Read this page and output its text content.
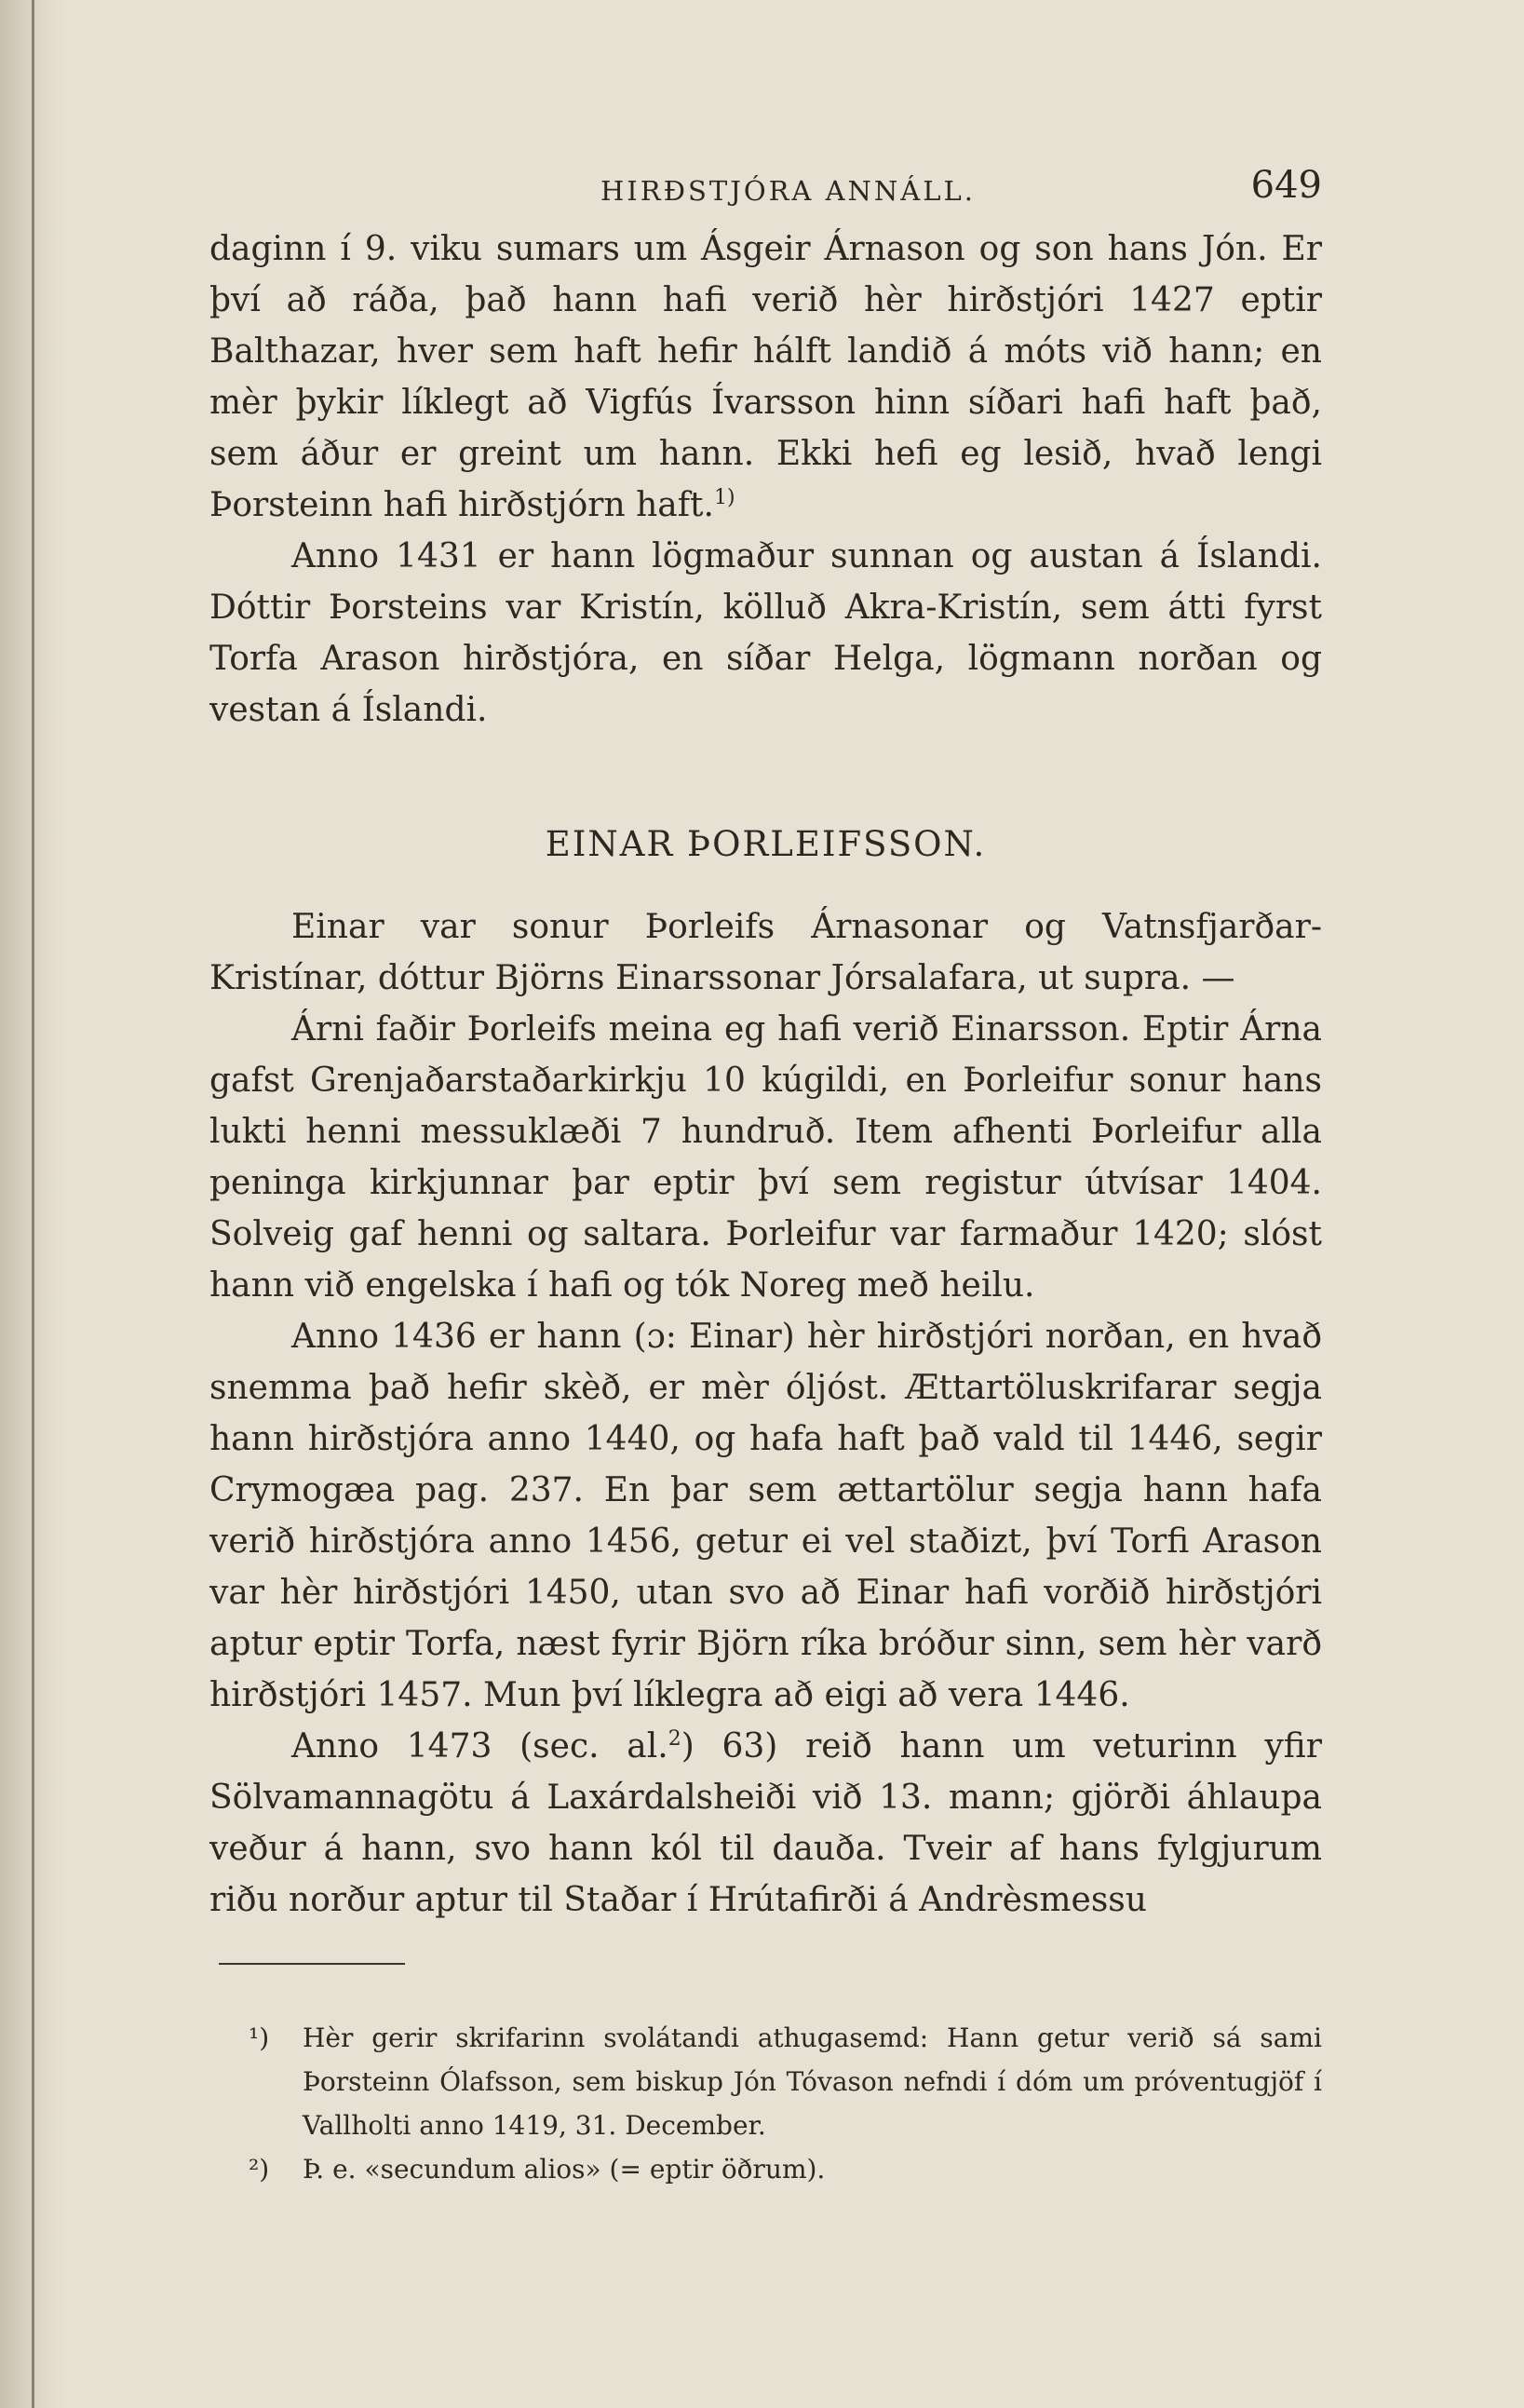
HIRÐSTJÓRA ANNÁLL.	649

daginn í 9. viku sumars um Ásgeir Árnason og son hans Jón. Er því að ráða, það hann hafi verið hèr hirðstjóri 1427 eptir Balthazar, hver sem haft hefir hálft landið á móts við hann; en mèr þykir líklegt að Vigfús Ívarsson hinn síðari hafi haft það, sem áður er greint um hann. Ekki hefi eg lesið, hvað lengi Þorsteinn hafi hirðstjórn haft.$^{1)}$

Anno 1431 er hann lögmaður sunnan og austan á Íslandi. Dóttir Þorsteins var Kristín, kölluð Akra-Kristín, sem átti fyrst Torfa Arason hirðstjóra, en síðar Helga, lögmann norðan og vestan á Íslandi.

EINAR ÞORLEIFSSON.

Einar var sonur Þorleifs Árnasonar og Vatnsfjarðar-Kristínar, dóttur Björns Einarssonar Jórsalafara, ut supra. —

Árni faðir Þorleifs meina eg hafi verið Einarsson. Eptir Árna gafst Grenjaðarstaðarkirkju 10 kúgildi, en Þorleifur sonur hans lukti henni messuklæði 7 hundruð. Item afhenti Þorleifur alla peninga kirkjunnar þar eptir því sem registur útvísar 1404. Solveig gaf henni og saltara. Þorleifur var farmaður 1420; slóst hann við engelska í hafi og tók Noreg með heilu.

Anno 1436 er hann (ɔ: Einar) hèr hirðstjóri norðan, en hvað snemma það hefir skèð, er mèr óljóst. Ættartöluskrifarar segja hann hirðstjóra anno 1440, og hafa haft það vald til 1446, segir Crymogæa pag. 237. En þar sem ættartölur segja hann hafa verið hirðstjóra anno 1456, getur ei vel staðizt, því Torfi Arason var hèr hirðstjóri 1450, utan svo að Einar hafi vorðið hirðstjóri aptur eptir Torfa, næst fyrir Björn ríka bróður sinn, sem hèr varð hirðstjóri 1457. Mun því líklegra að eigi að vera 1446.

Anno 1473 (sec. al.$^2$) 63) reið hann um veturinn yfir Sölvamannagötu á Laxárdalsheiði við 13. mann; gjörði áhlaupa veður á hann, svo hann kól til dauða. Tveir af hans fylgjurum riðu norður aptur til Staðar í Hrútafirði á Andrèsmessu

¹) Hèr gerir skrifarinn svolátandi athugasemd: Hann getur verið sá sami Þorsteinn Ólafsson, sem biskup Jón Tóvason nefndi í dóm um próventugjöf í Vallholti anno 1419, 31. December.

²) Þ. e. «secundum alios» (= eptir öðrum).
